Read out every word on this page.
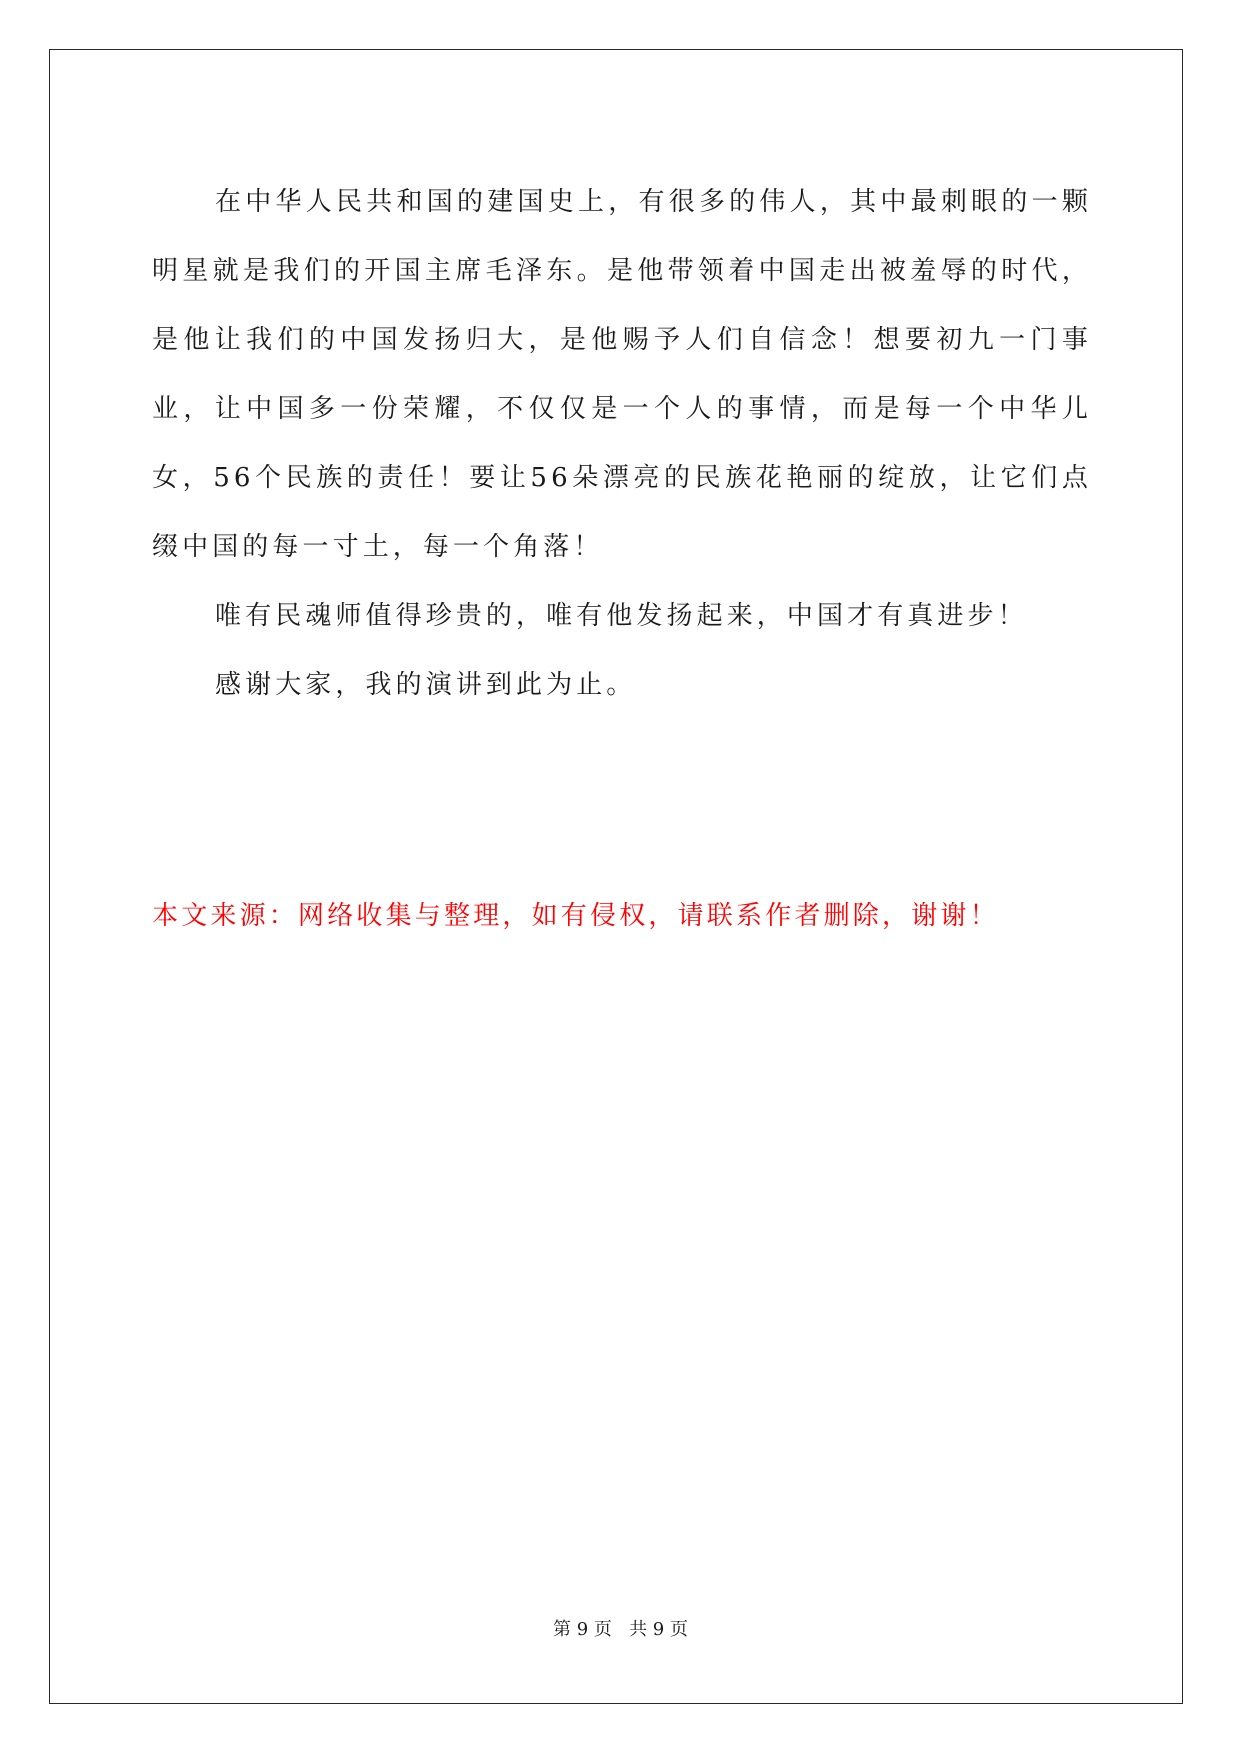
在中华人民共和国的建国史上，有很多的伟人，其中最刺眼的一颗明星就是我们的开国主席毛泽东。是他带领着中国走出被羞辱的时代，是他让我们的中国发扬归大，是他赐予人们自信念！想要初九一门事业，让中国多一份荣耀，不仅仅是一个人的事情，而是每一个中华儿女，56个民族的责任！要让56朵漂亮的民族花艳丽的绽放，让它们点缀中国的每一寸土，每一个角落！

唯有民魂师值得珍贵的，唯有他发扬起来，中国才有真进步！

感谢大家，我的演讲到此为止。

本文来源：网络收集与整理，如有侵权，请联系作者删除，谢谢！

第 9 页 共 9 页
